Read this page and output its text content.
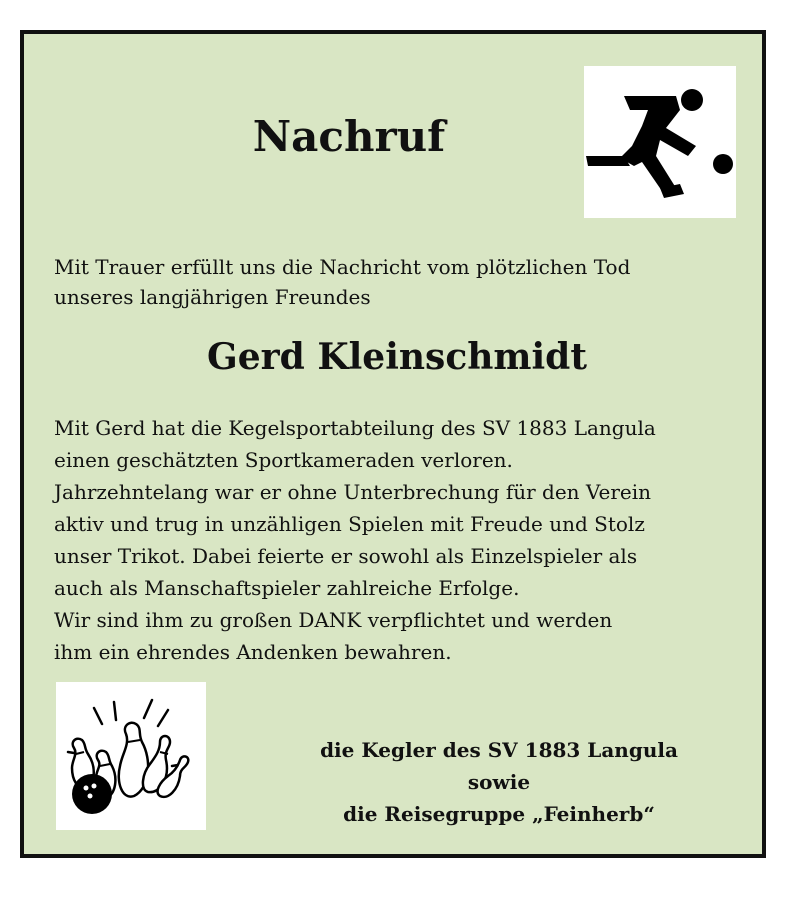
Nachruf

Mit Trauer erfüllt uns die Nachricht vom plötzlichen Tod
unseres langjährigen Freundes

Gerd Kleinschmidt

Mit Gerd hat die Kegelsportabteilung des SV 1883 Langula
einen geschätzten Sportkameraden verloren.
Jahrzehntelang war er ohne Unterbrechung für den Verein
aktiv und trug in unzähligen Spielen mit Freude und Stolz
unser Trikot. Dabei feierte er sowohl als Einzelspieler als
auch als Manschaftspieler zahlreiche Erfolge.
Wir sind ihm zu großen DANK verpflichtet und werden
ihm ein ehrendes Andenken bewahren.

die Kegler des SV 1883 Langula
sowie
die Reisegruppe „Feinherb“
